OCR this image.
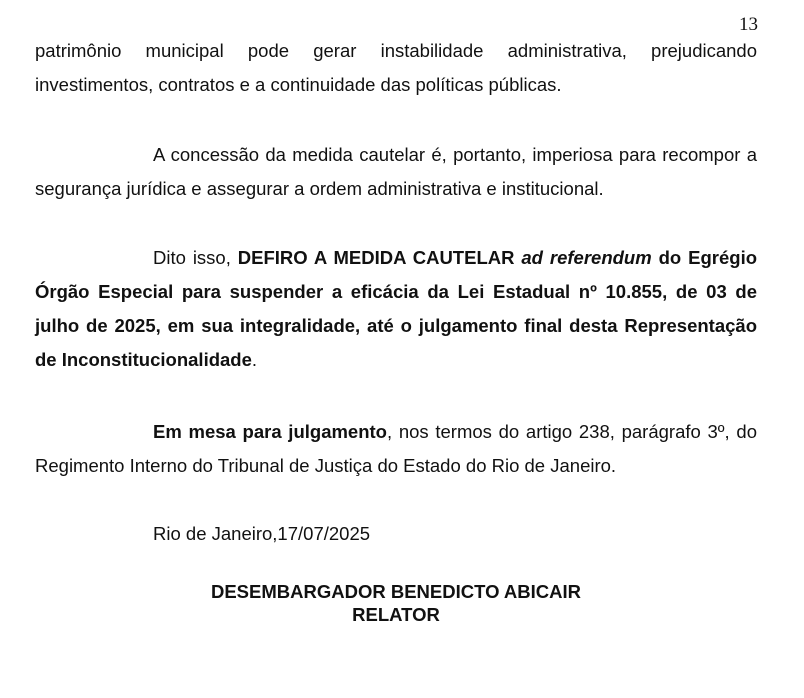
13

patrimônio municipal pode gerar instabilidade administrativa, prejudicando investimentos, contratos e a continuidade das políticas públicas.

A concessão da medida cautelar é, portanto, imperiosa para recompor a segurança jurídica e assegurar a ordem administrativa e institucional.

Dito isso, DEFIRO A MEDIDA CAUTELAR ad referendum do Egrégio Órgão Especial para suspender a eficácia da Lei Estadual nº 10.855, de 03 de julho de 2025, em sua integralidade, até o julgamento final desta Representação de Inconstitucionalidade.

Em mesa para julgamento, nos termos do artigo 238, parágrafo 3º, do Regimento Interno do Tribunal de Justiça do Estado do Rio de Janeiro.

Rio de Janeiro,17/07/2025
DESEMBARGADOR BENEDICTO ABICAIR
RELATOR
